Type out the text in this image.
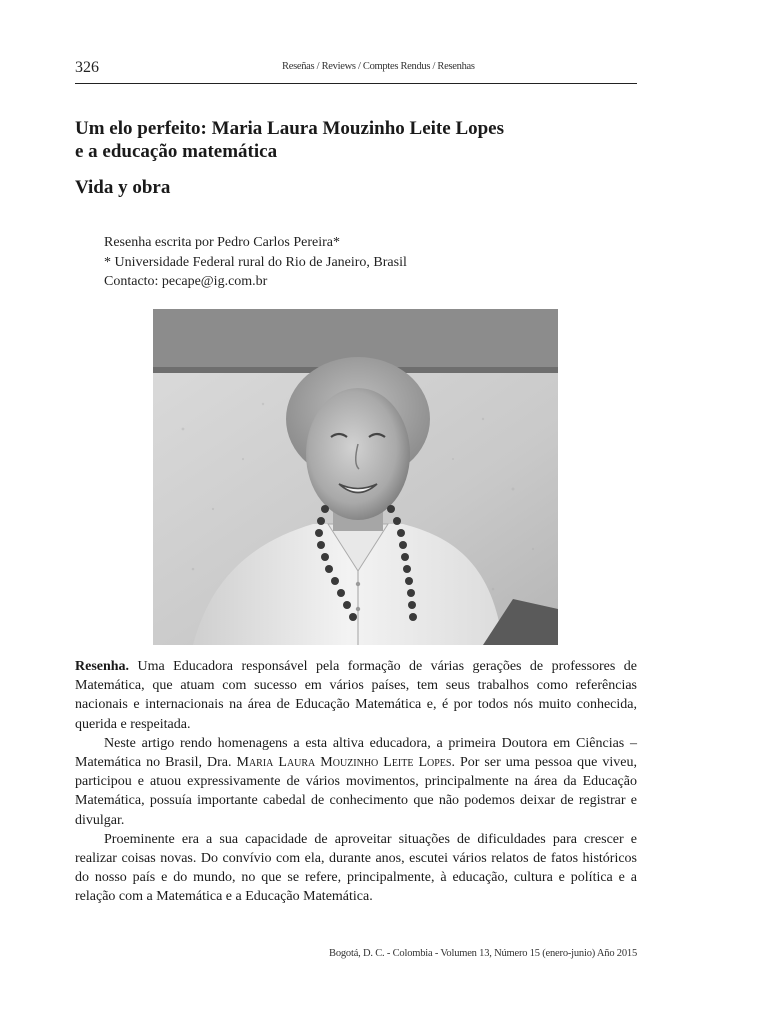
326	Reseñas / Reviews / Comptes Rendus / Resenhas
Um elo perfeito: Maria Laura Mouzinho Leite Lopes
e a educação matemática
Vida y obra
Resenha escrita por Pedro Carlos Pereira*
* Universidade Federal rural do Rio de Janeiro, Brasil
Contacto: pecape@ig.com.br

Resenha. Uma Educadora responsável pela formação de várias gerações de professores de Matemática, que atuam com sucesso em vários países, tem seus trabalhos como referências nacionais e internacionais na área de Educação Matemática e, é por todos nós muito conhecida, querida e respeitada.

Neste artigo rendo homenagens a esta altiva educadora, a primeira Doutora em Ciências – Matemática no Brasil, Dra. Maria Laura Mouzinho Leite Lopes. Por ser uma pessoa que viveu, participou e atuou expressivamente de vários movimentos, principalmente na área da Educação Matemática, possuía importante cabedal de conhecimento que não podemos deixar de registrar e divulgar.

Proeminente era a sua capacidade de aproveitar situações de dificuldades para crescer e realizar coisas novas. Do convívio com ela, durante anos, escutei vários relatos de fatos históricos do nosso país e do mundo, no que se refere, principalmente, à educação, cultura e política e a relação com a Matemática e a Educação Matemática.

Bogotá, D. C. - Colombia - Volumen 13, Número 15 (enero-junio) Año 2015
